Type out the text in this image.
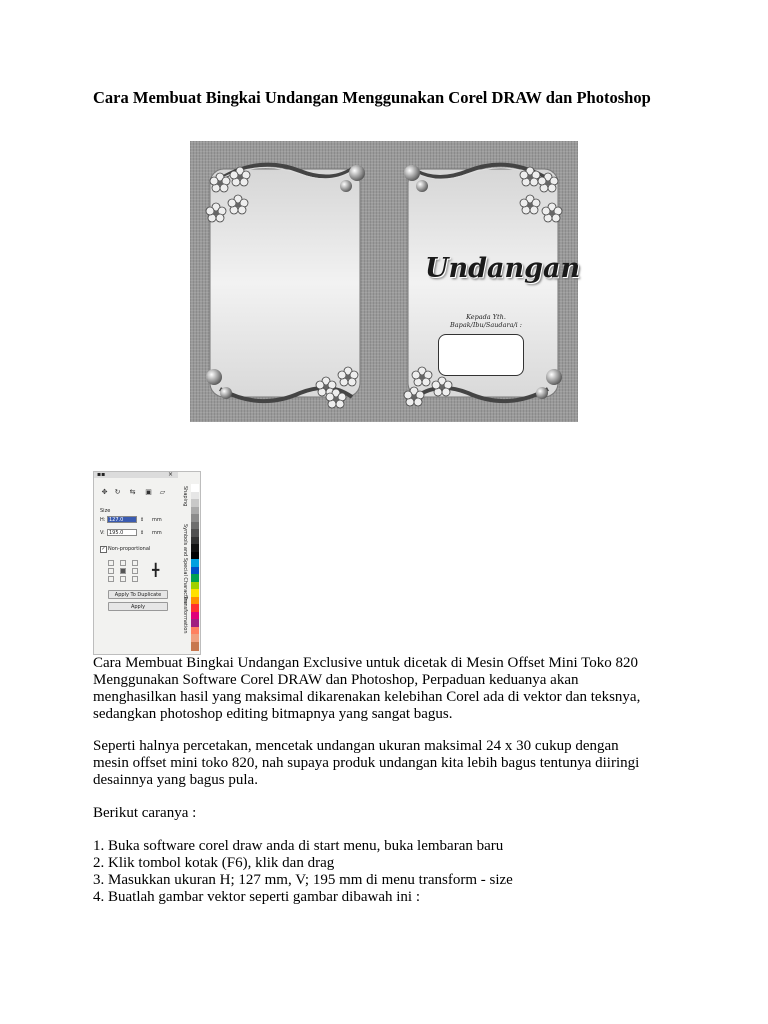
Cara Membuat Bingkai Undangan Menggunakan Corel DRAW dan Photoshop
Undangan
Kepada Yth.
Bapak/Ibu/Saudara/i :
▪▪	×
✥ ↻ ⇆ ▣ ▱
Size
H: 127.0	⇕ mm
V: 195.0	⇕ mm
✓ Non-proportional
╋
Apply To Duplicate
Apply
Shaping
Symbols and Special Characters
Transformation
Cara Membuat Bingkai Undangan Exclusive untuk dicetak di Mesin Offset Mini Toko 820
Menggunakan Software Corel DRAW dan Photoshop, Perpaduan keduanya akan
menghasilkan hasil yang maksimal dikarenakan kelebihan Corel ada di vektor dan teksnya,
sedangkan photoshop editing bitmapnya yang sangat bagus.
Seperti halnya percetakan, mencetak undangan ukuran maksimal 24 x 30 cukup dengan
mesin offset mini toko 820, nah supaya produk undangan kita lebih bagus tentunya diiringi
desainnya yang bagus pula.
Berikut caranya :
1. Buka software corel draw anda di start menu, buka lembaran baru
2. Klik tombol kotak (F6), klik dan drag
3. Masukkan ukuran H; 127 mm, V; 195 mm di menu transform - size
4. Buatlah gambar vektor seperti gambar dibawah ini :
